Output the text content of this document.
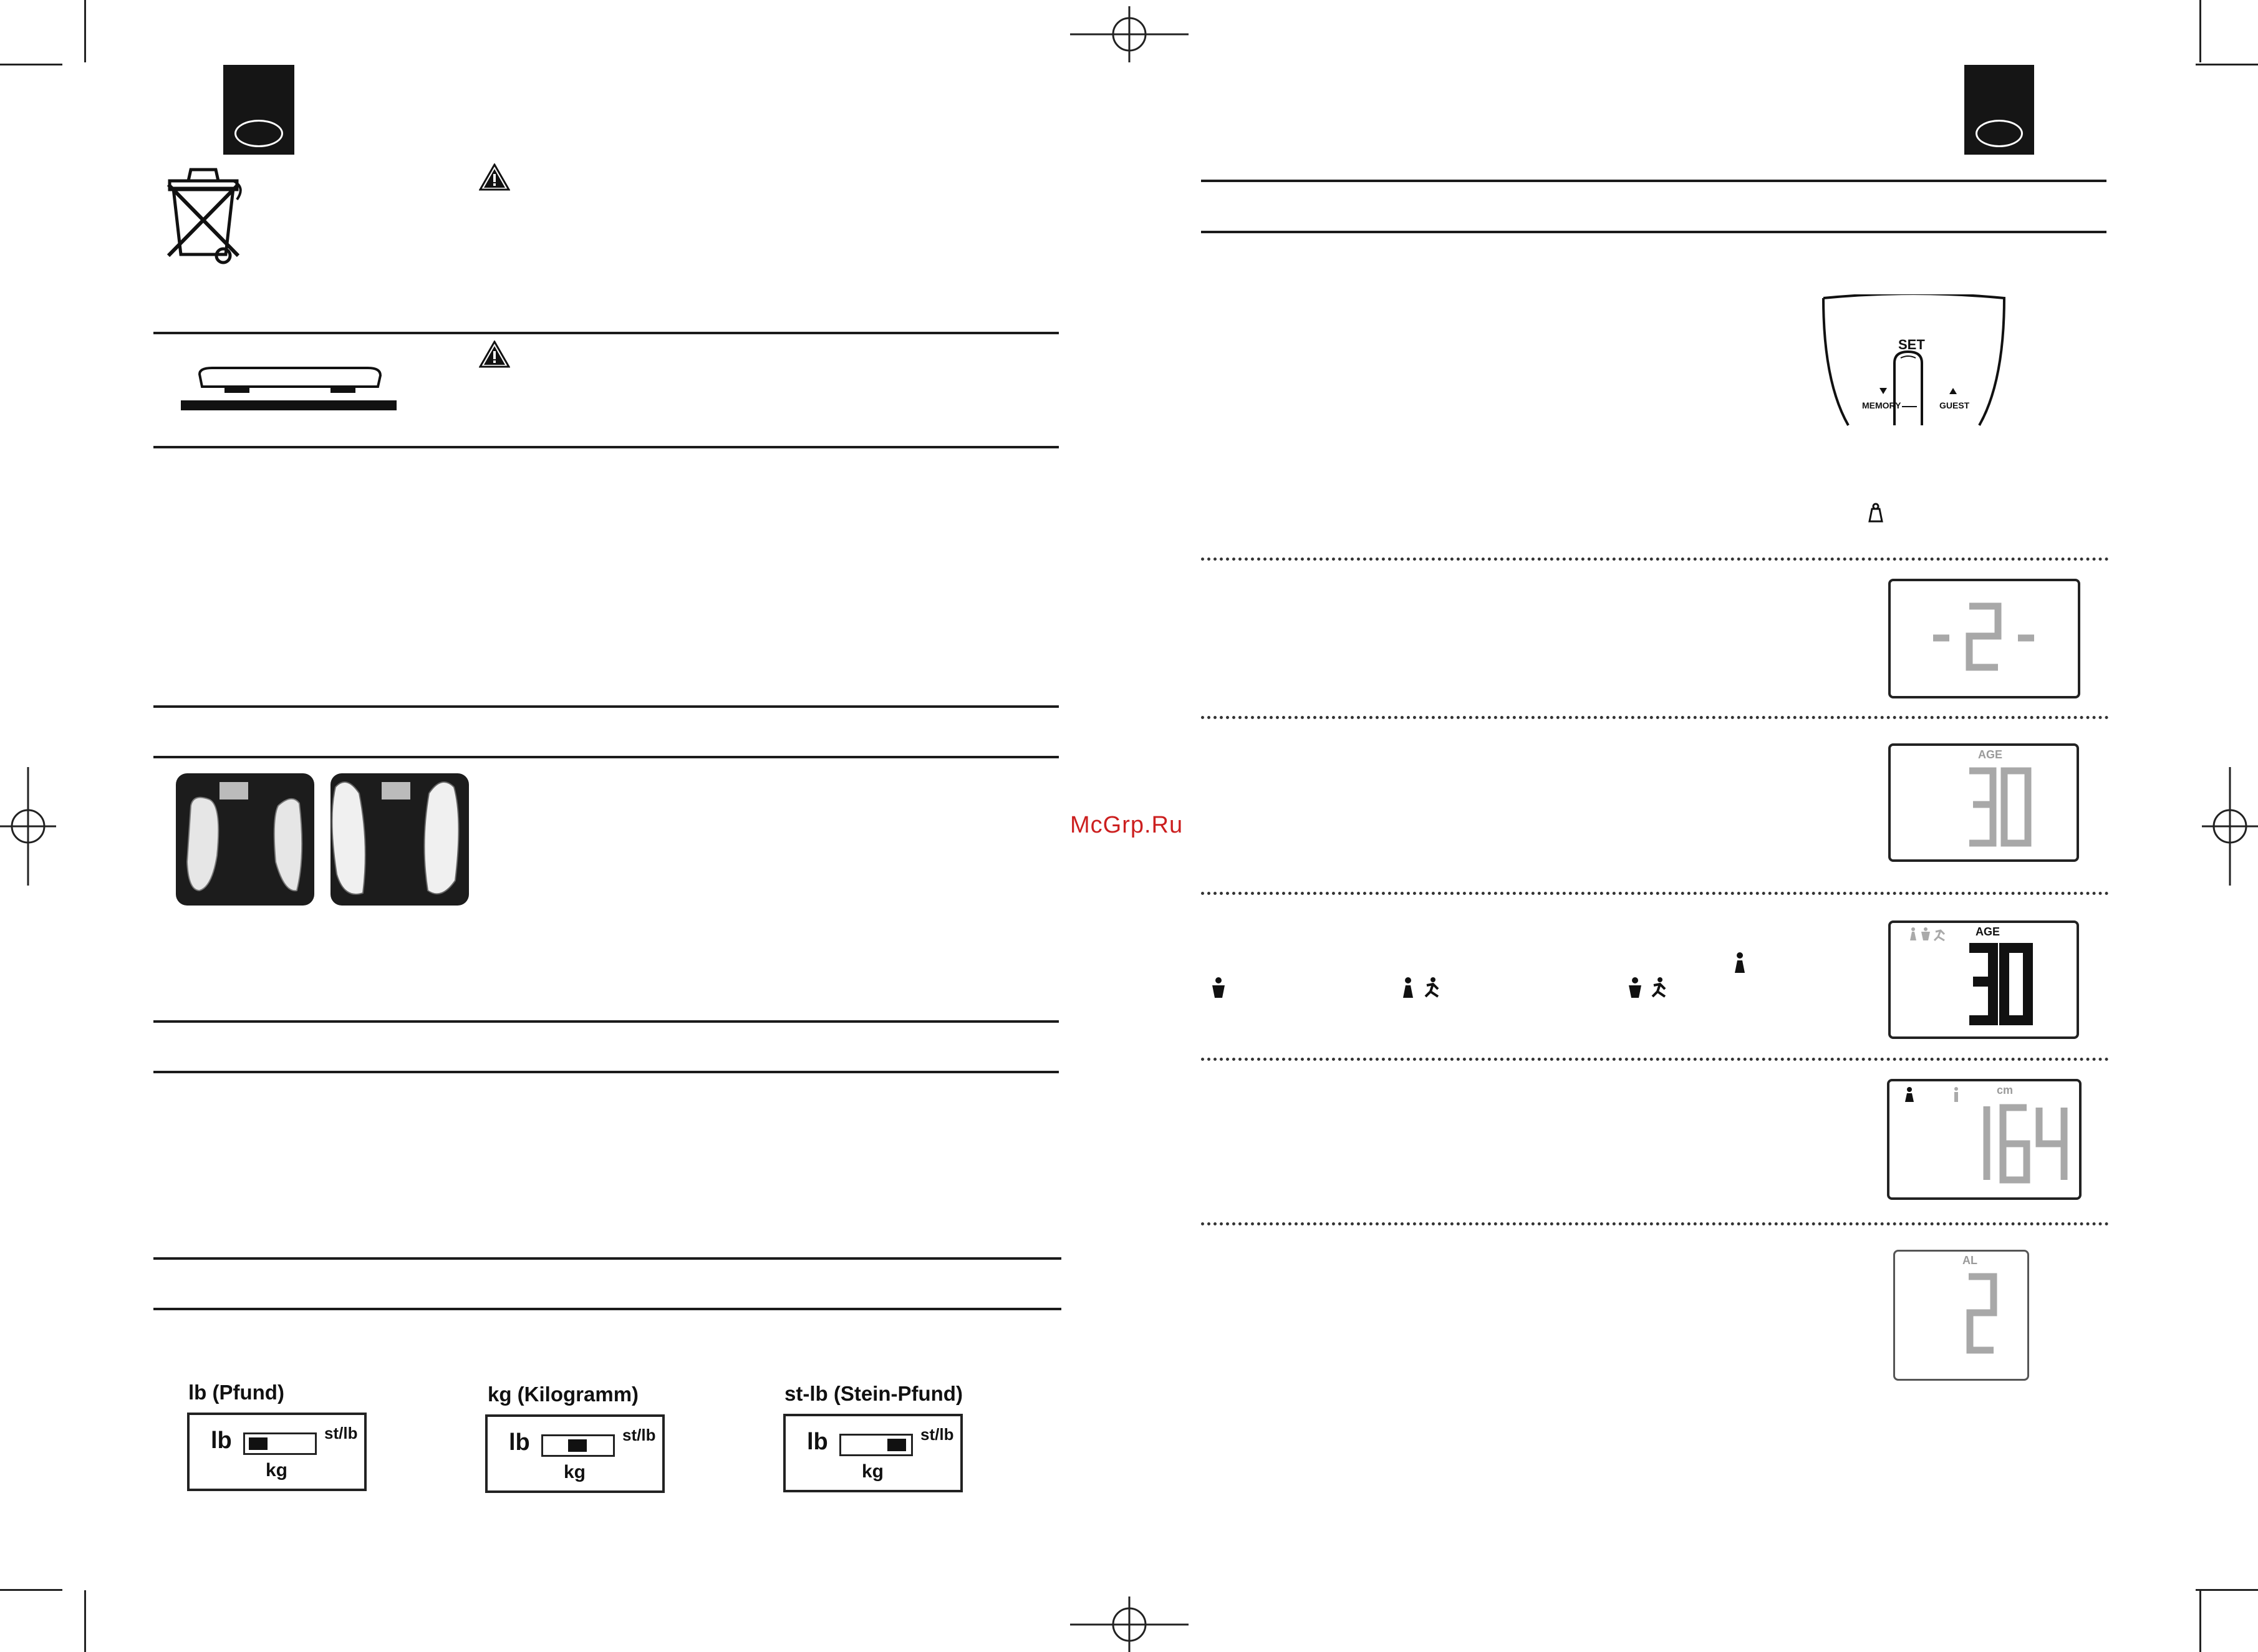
McGrp.Ru
lb (Pfund)
lb
kg
st/lb
kg (Kilogramm)
lb
kg
st/lb
st-lb (Stein-Pfund)
lb
kg
st/lb
SET
MEMORY	GUEST
AGE
AGE
cm
AL
